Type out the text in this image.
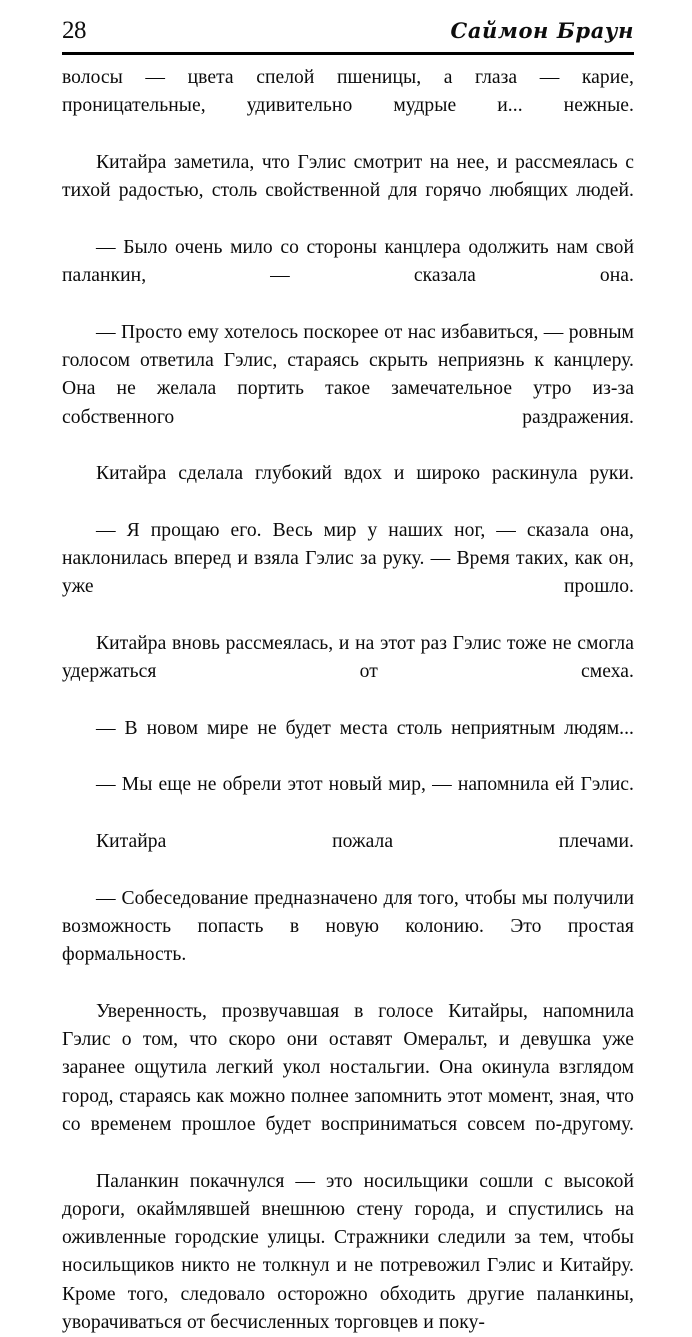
28	Саймон Браун

волосы — цвета спелой пшеницы, а глаза — карие, проницательные, удивительно мудрые и... нежные.

Китайра заметила, что Гэлис смотрит на нее, и рассмеялась с тихой радостью, столь свойственной для горячо любящих людей.

— Было очень мило со стороны канцлера одолжить нам свой паланкин, — сказала она.

— Просто ему хотелось поскорее от нас избавиться, — ровным голосом ответила Гэлис, стараясь скрыть неприязнь к канцлеру. Она не желала портить такое замечательное утро из-за собственного раздражения.

Китайра сделала глубокий вдох и широко раскинула руки.

— Я прощаю его. Весь мир у наших ног, — сказала она, наклонилась вперед и взяла Гэлис за руку. — Время таких, как он, уже прошло.

Китайра вновь рассмеялась, и на этот раз Гэлис тоже не смогла удержаться от смеха.

— В новом мире не будет места столь неприятным людям...

— Мы еще не обрели этот новый мир, — напомнила ей Гэлис.

Китайра пожала плечами.

— Собеседование предназначено для того, чтобы мы получили возможность попасть в новую колонию. Это простая формальность.

Уверенность, прозвучавшая в голосе Китайры, напомнила Гэлис о том, что скоро они оставят Омеральт, и девушка уже заранее ощутила легкий укол ностальгии. Она окинула взглядом город, стараясь как можно полнее запомнить этот момент, зная, что со временем прошлое будет восприниматься совсем по-другому.

Паланкин покачнулся — это носильщики сошли с высокой дороги, окаймлявшей внешнюю стену города, и спустились на оживленные городские улицы. Стражники следили за тем, чтобы носильщиков никто не толкнул и не потревожил Гэлис и Китайру. Кроме того, следовало осторожно обходить другие паланкины, уворачиваться от бесчисленных торговцев и поку-
